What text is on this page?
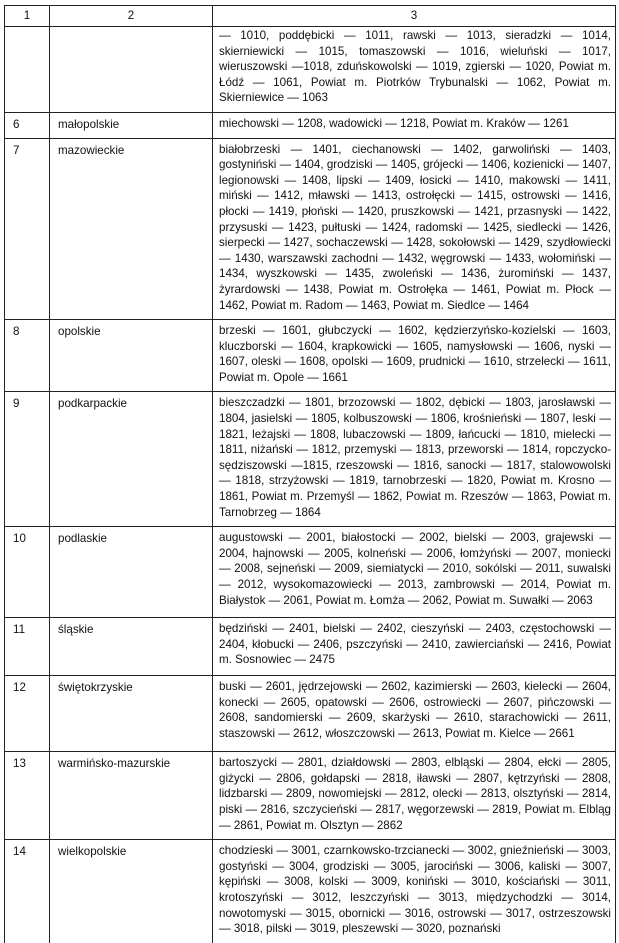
1	2	3
		— 1010, poddębicki — 1011, rawski — 1013, sieradzki — 1014, skierniewicki — 1015, tomaszowski — 1016, wieluński — 1017, wieruszowski —1018, zduńskowolski — 1019, zgierski — 1020, Powiat m. Łódź — 1061, Powiat m. Piotrków Trybunalski — 1062, Powiat m. Skierniewice — 1063
6	małopolskie	miechowski — 1208, wadowicki — 1218, Powiat m. Kraków — 1261
7	mazowieckie	białobrzeski — 1401, ciechanowski — 1402, garwoliński — 1403, gostyniński — 1404, grodziski — 1405, grójecki — 1406, kozienicki — 1407, legionowski — 1408, lipski — 1409, łosicki — 1410, makowski — 1411, miński — 1412, mławski — 1413, ostrołęcki — 1415, ostrowski — 1416, płocki — 1419, płoński — 1420, pruszkowski — 1421, przasnyski — 1422, przysuski — 1423, pułtuski — 1424, radomski — 1425, siedlecki — 1426, sierpecki — 1427, sochaczewski — 1428, sokołowski — 1429, szydłowiecki — 1430, warszawski zachodni — 1432, węgrowski — 1433, wołomiński — 1434, wyszkowski — 1435, zwoleński — 1436, żuromiński — 1437, żyrardowski — 1438, Powiat m. Ostrołęka — 1461, Powiat m. Płock — 1462, Powiat m. Radom — 1463, Powiat m. Siedlce — 1464
8	opolskie	brzeski — 1601, głubczycki — 1602, kędzierzyńsko-kozielski — 1603, kluczborski — 1604, krapkowicki — 1605, namysłowski — 1606, nyski — 1607, oleski — 1608, opolski — 1609, prudnicki — 1610, strzelecki — 1611, Powiat m. Opole — 1661
9	podkarpackie	bieszczadzki — 1801, brzozowski — 1802, dębicki — 1803, jarosławski — 1804, jasielski — 1805, kolbuszowski — 1806, krośnieński — 1807, leski — 1821, leżajski — 1808, lubaczowski — 1809, łańcucki — 1810, mielecki — 1811, niżański — 1812, przemyski — 1813, przeworski — 1814, ropczycko-sędziszowski —1815, rzeszowski — 1816, sanocki — 1817, stalowowolski — 1818, strzyżowski — 1819, tarnobrzeski — 1820, Powiat m. Krosno — 1861, Powiat m. Przemyśl — 1862, Powiat m. Rzeszów — 1863, Powiat m. Tarnobrzeg — 1864
10	podlaskie	augustowski — 2001, białostocki — 2002, bielski — 2003, grajewski — 2004, hajnowski — 2005, kolneński — 2006, łomżyński — 2007, moniecki — 2008, sejneński — 2009, siemiatycki — 2010, sokólski — 2011, suwalski — 2012, wysokomazowiecki — 2013, zambrowski — 2014, Powiat m. Białystok — 2061, Powiat m. Łomża — 2062, Powiat m. Suwałki — 2063
11	śląskie	będziński — 2401, bielski — 2402, cieszyński — 2403, częstochowski — 2404, kłobucki — 2406, pszczyński — 2410, zawierciański — 2416, Powiat m. Sosnowiec — 2475
12	świętokrzyskie	buski — 2601, jędrzejowski — 2602, kazimierski — 2603, kielecki — 2604, konecki — 2605, opatowski — 2606, ostrowiecki — 2607, pińczowski — 2608, sandomierski — 2609, skarżyski — 2610, starachowicki — 2611, staszowski — 2612, włoszczowski — 2613, Powiat m. Kielce — 2661
13	warmińsko-mazurskie	bartoszycki — 2801, działdowski — 2803, elbląski — 2804, ełcki — 2805, giżycki — 2806, gołdapski — 2818, iławski — 2807, kętrzyński — 2808, lidzbarski — 2809, nowomiejski — 2812, olecki — 2813, olsztyński — 2814, piski — 2816, szczycieński — 2817, węgorzewski — 2819, Powiat m. Elbląg — 2861, Powiat m. Olsztyn — 2862
14	wielkopolskie	chodzieski — 3001, czarnkowsko-trzcianecki — 3002, gnieźnieński — 3003, gostyński — 3004, grodziski — 3005, jarociński — 3006, kaliski — 3007, kępiński — 3008, kolski — 3009, koniński — 3010, kościański — 3011, krotoszyński — 3012, leszczyński — 3013, międzychodzki — 3014, nowotomyski — 3015, obornicki — 3016, ostrowski — 3017, ostrzeszowski — 3018, pilski — 3019, pleszewski — 3020, poznański
